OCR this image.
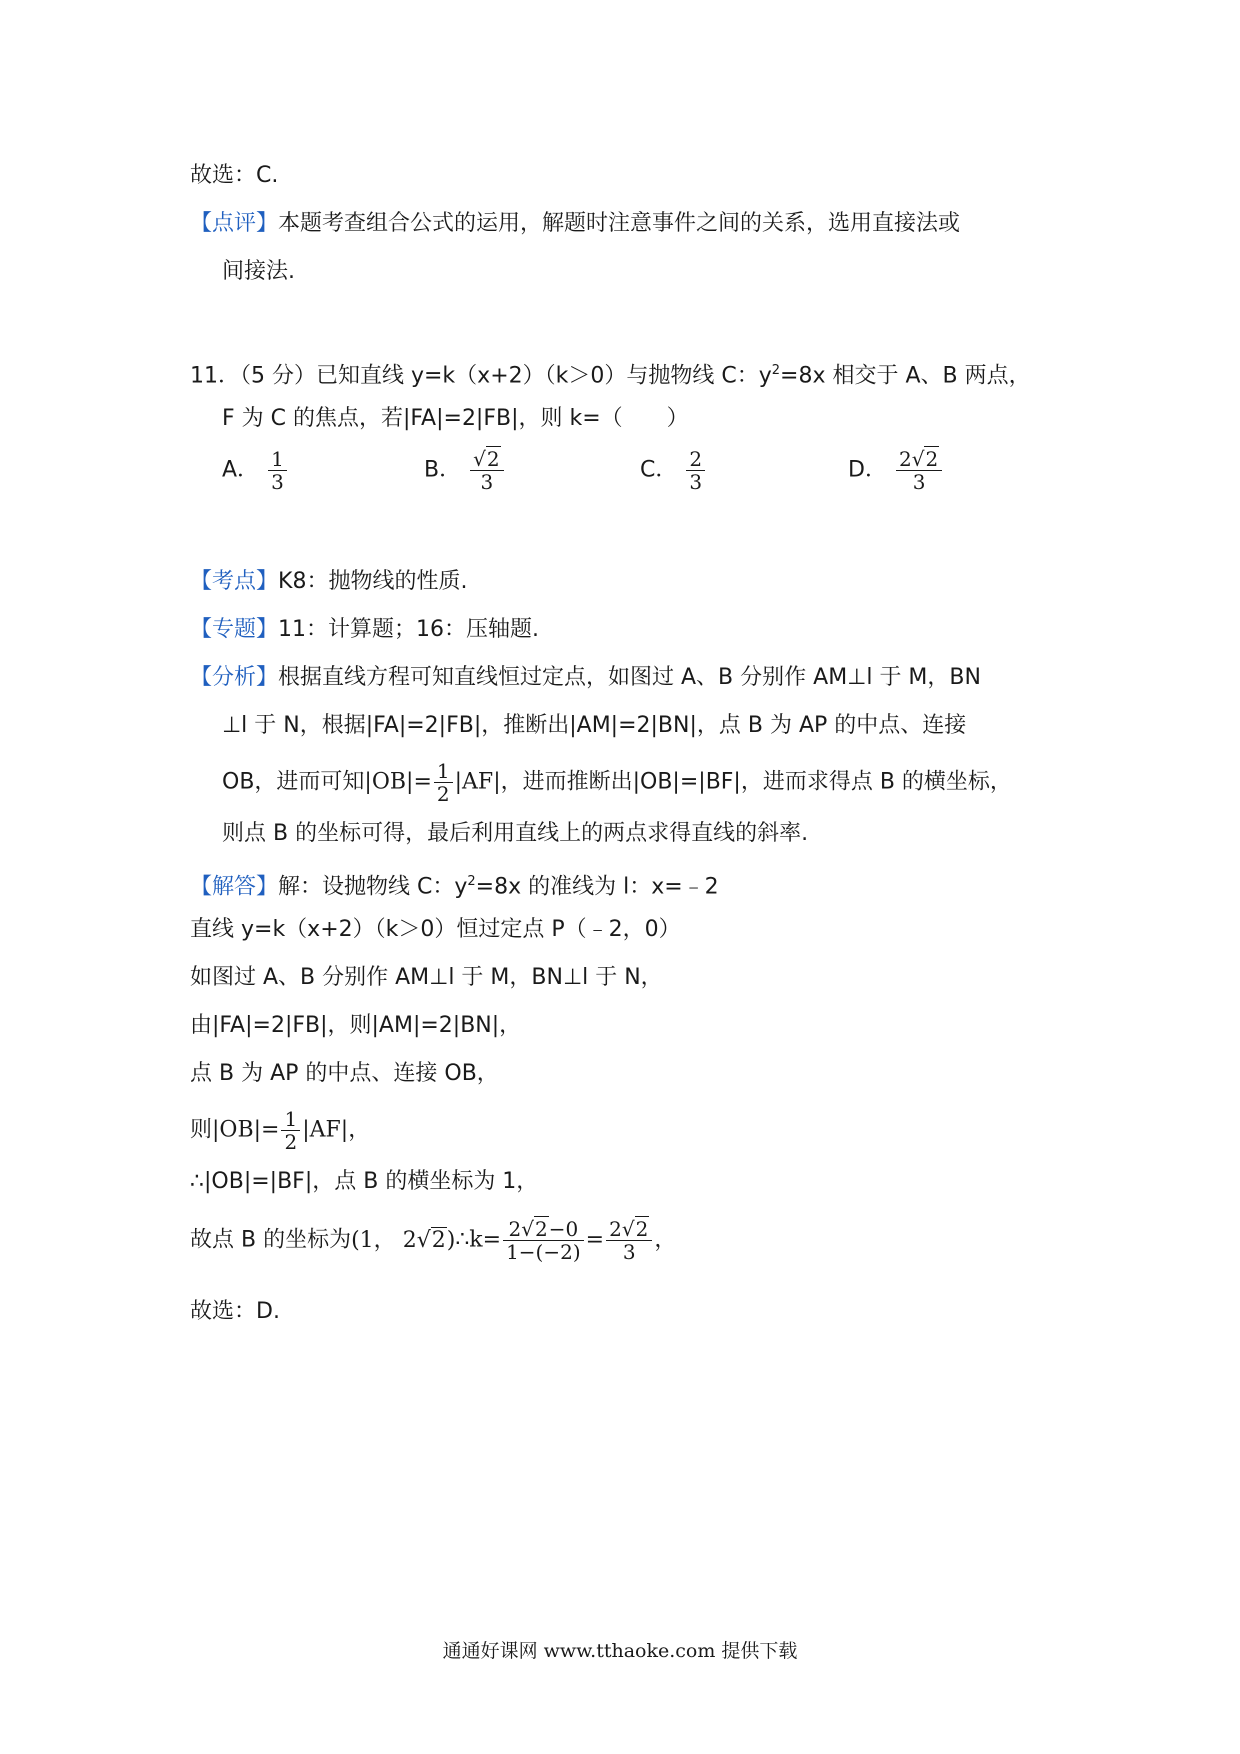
故选：C.
【点评】本题考查组合公式的运用，解题时注意事件之间的关系，选用直接法或
间接法.
11．（5 分）已知直线 y=k（x+2）（k＞0）与抛物线 C：$y^2=8x$ 相交于 A、B 两点，
F 为 C 的焦点，若|FA|=2|FB|，则 k=（　　）
A． $\frac{1}{3}$	B． $\frac{√2}{3}$	C． $\frac{2}{3}$	D． $\frac{2√2}{3}$
【考点】K8：抛物线的性质.
【专题】11：计算题；16：压轴题.
【分析】根据直线方程可知直线恒过定点，如图过 A、B 分别作 AM⊥l 于 M，BN
⊥l 于 N，根据|FA|=2|FB|，推断出|AM|=2|BN|，点 B 为 AP 的中点、连接
OB，进而可知$|OB|= \frac{1}{2} |AF|$，进而推断出|OB|=|BF|，进而求得点 B 的横坐标，
则点 B 的坐标可得，最后利用直线上的两点求得直线的斜率.
【解答】解：设抛物线 C：$y^2=8x$ 的准线为 l：x=﹣2
直线 y=k（x+2）（k＞0）恒过定点 P（﹣2，0）
如图过 A、B 分别作 AM⊥l 于 M，BN⊥l 于 N，
由|FA|=2|FB|，则|AM|=2|BN|，
点 B 为 AP 的中点、连接 OB，
则$|OB|= \frac{1}{2} |AF|$，
∴|OB|=|BF|，点 B 的横坐标为 1，
故点 B 的坐标为(1， 2√2)∴k= $\frac{2√2-0}{1-(-2)} = \frac{2√2}{3}$ ，
故选：D.
通通好课网 www.tthaoke.com 提供下载
